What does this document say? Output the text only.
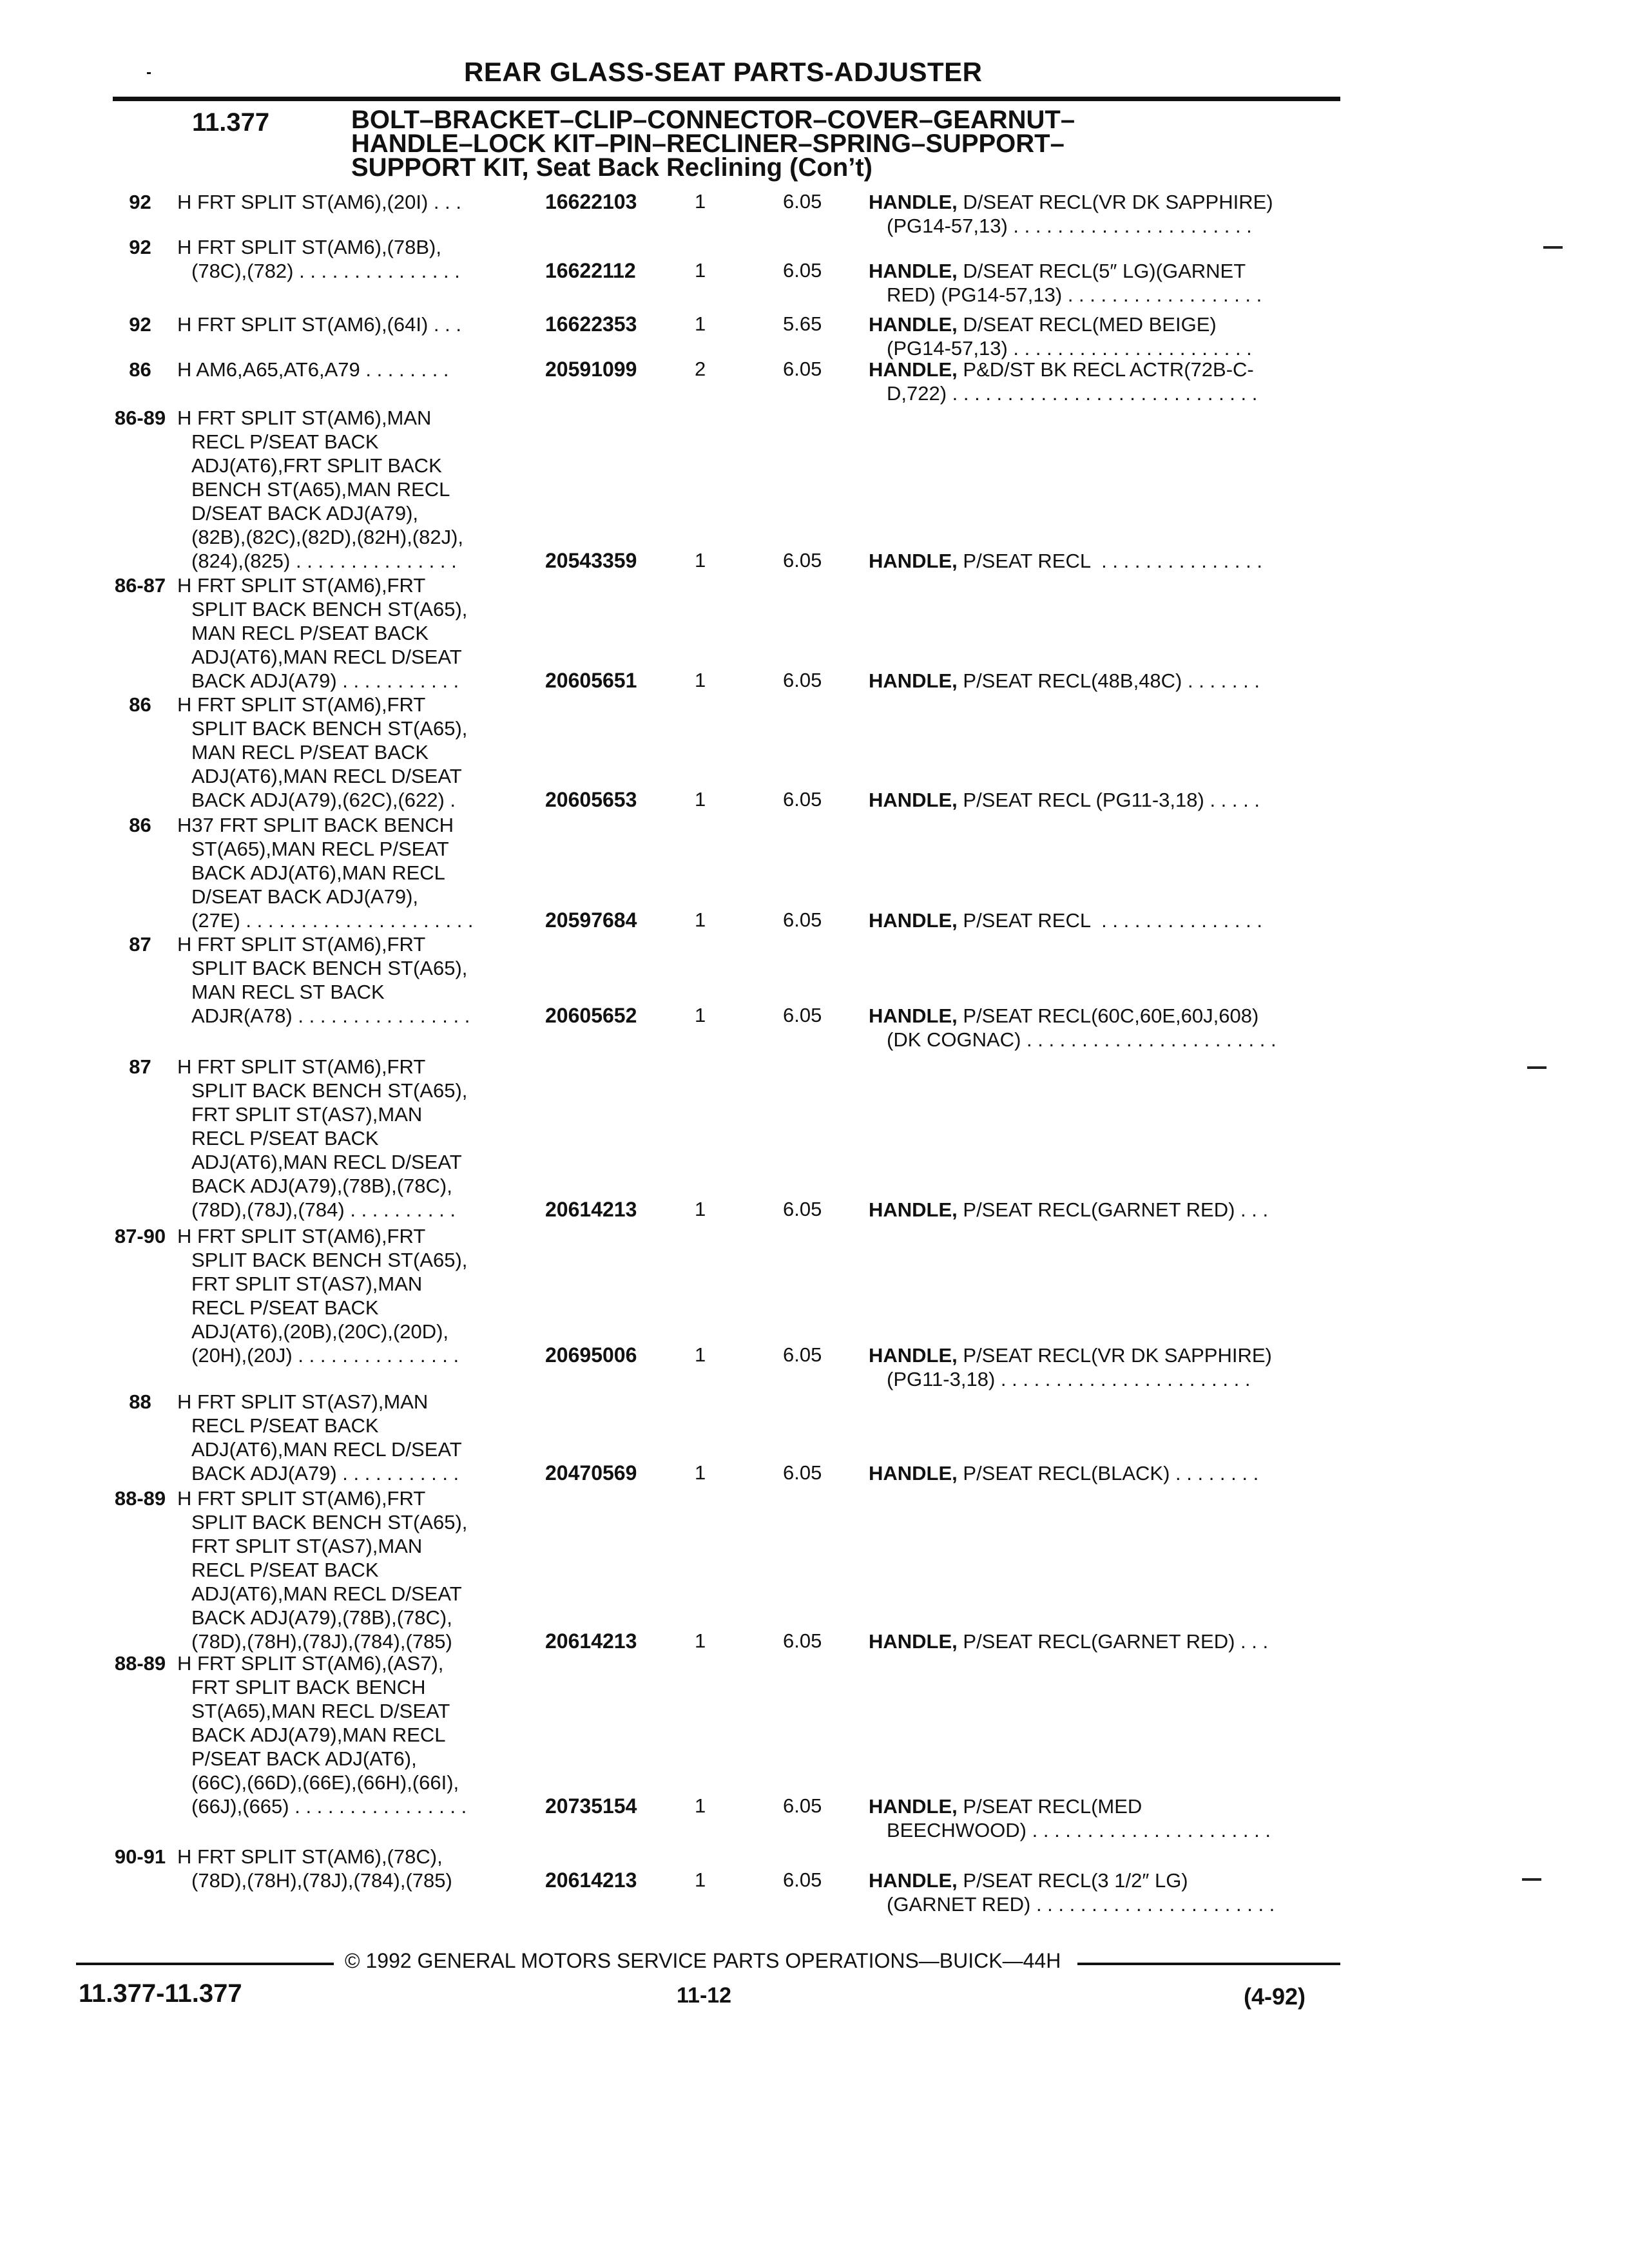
REAR GLASS-SEAT PARTS-ADJUSTER
11.377	BOLT–BRACKET–CLIP–CONNECTOR–COVER–GEARNUT–
HANDLE–LOCK KIT–PIN–RECLINER–SPRING–SUPPORT–
SUPPORT KIT, Seat Back Reclining (Con’t)
92	H FRT SPLIT ST(AM6),(20I) . . .	16622103	1	6.05	HANDLE, D/SEAT RECL(VR DK SAPPHIRE)
(PG14-57,13) . . . . . . . . . . . . . . . . . . . . . .
92	H FRT SPLIT ST(AM6),(78B),
(78C),(782) . . . . . . . . . . . . . . .	16622112	1	6.05	HANDLE, D/SEAT RECL(5″ LG)(GARNET
RED) (PG14-57,13) . . . . . . . . . . . . . . . . . .
92	H FRT SPLIT ST(AM6),(64I) . . .	16622353	1	5.65	HANDLE, D/SEAT RECL(MED BEIGE)
(PG14-57,13) . . . . . . . . . . . . . . . . . . . . . .
86	H AM6,A65,AT6,A79 . . . . . . . .	20591099	2	6.05	HANDLE, P&D/ST BK RECL ACTR(72B-C-
D,722) . . . . . . . . . . . . . . . . . . . . . . . . . . . .
86-89 H FRT SPLIT ST(AM6),MAN
RECL P/SEAT BACK
ADJ(AT6),FRT SPLIT BACK
BENCH ST(A65),MAN RECL
D/SEAT BACK ADJ(A79),
(82B),(82C),(82D),(82H),(82J),
(824),(825) . . . . . . . . . . . . . . .	20543359	1	6.05	HANDLE, P/SEAT RECL  . . . . . . . . . . . . . . .
86-87 H FRT SPLIT ST(AM6),FRT
SPLIT BACK BENCH ST(A65),
MAN RECL P/SEAT BACK
ADJ(AT6),MAN RECL D/SEAT
BACK ADJ(A79) . . . . . . . . . . .	20605651	1	6.05	HANDLE, P/SEAT RECL(48B,48C) . . . . . . .
86	H FRT SPLIT ST(AM6),FRT
SPLIT BACK BENCH ST(A65),
MAN RECL P/SEAT BACK
ADJ(AT6),MAN RECL D/SEAT
BACK ADJ(A79),(62C),(622) .	20605653	1	6.05	HANDLE, P/SEAT RECL (PG11-3,18) . . . . .
86	H37 FRT SPLIT BACK BENCH
ST(A65),MAN RECL P/SEAT
BACK ADJ(AT6),MAN RECL
D/SEAT BACK ADJ(A79),
(27E) . . . . . . . . . . . . . . . . . . . . .	20597684	1	6.05	HANDLE, P/SEAT RECL  . . . . . . . . . . . . . . .
87	H FRT SPLIT ST(AM6),FRT
SPLIT BACK BENCH ST(A65),
MAN RECL ST BACK
ADJR(A78) . . . . . . . . . . . . . . . .	20605652	1	6.05	HANDLE, P/SEAT RECL(60C,60E,60J,608)
(DK COGNAC) . . . . . . . . . . . . . . . . . . . . . . .
87	H FRT SPLIT ST(AM6),FRT
SPLIT BACK BENCH ST(A65),
FRT SPLIT ST(AS7),MAN
RECL P/SEAT BACK
ADJ(AT6),MAN RECL D/SEAT
BACK ADJ(A79),(78B),(78C),
(78D),(78J),(784) . . . . . . . . . .	20614213	1	6.05	HANDLE, P/SEAT RECL(GARNET RED) . . .
87-90 H FRT SPLIT ST(AM6),FRT
SPLIT BACK BENCH ST(A65),
FRT SPLIT ST(AS7),MAN
RECL P/SEAT BACK
ADJ(AT6),(20B),(20C),(20D),
(20H),(20J) . . . . . . . . . . . . . . .	20695006	1	6.05	HANDLE, P/SEAT RECL(VR DK SAPPHIRE)
(PG11-3,18) . . . . . . . . . . . . . . . . . . . . . . .
88	H FRT SPLIT ST(AS7),MAN
RECL P/SEAT BACK
ADJ(AT6),MAN RECL D/SEAT
BACK ADJ(A79) . . . . . . . . . . .	20470569	1	6.05	HANDLE, P/SEAT RECL(BLACK) . . . . . . . .
88-89 H FRT SPLIT ST(AM6),FRT
SPLIT BACK BENCH ST(A65),
FRT SPLIT ST(AS7),MAN
RECL P/SEAT BACK
ADJ(AT6),MAN RECL D/SEAT
BACK ADJ(A79),(78B),(78C),
(78D),(78H),(78J),(784),(785)	20614213	1	6.05	HANDLE, P/SEAT RECL(GARNET RED) . . .
88-89 H FRT SPLIT ST(AM6),(AS7),
FRT SPLIT BACK BENCH
ST(A65),MAN RECL D/SEAT
BACK ADJ(A79),MAN RECL
P/SEAT BACK ADJ(AT6),
(66C),(66D),(66E),(66H),(66I),
(66J),(665) . . . . . . . . . . . . . . . .	20735154	1	6.05	HANDLE, P/SEAT RECL(MED
BEECHWOOD) . . . . . . . . . . . . . . . . . . . . . .
90-91 H FRT SPLIT ST(AM6),(78C),
(78D),(78H),(78J),(784),(785)	20614213	1	6.05	HANDLE, P/SEAT RECL(3 1/2″ LG)
(GARNET RED) . . . . . . . . . . . . . . . . . . . . . .
© 1992 GENERAL MOTORS SERVICE PARTS OPERATIONS—BUICK—44H
11.377-11.377	11-12	(4-92)
